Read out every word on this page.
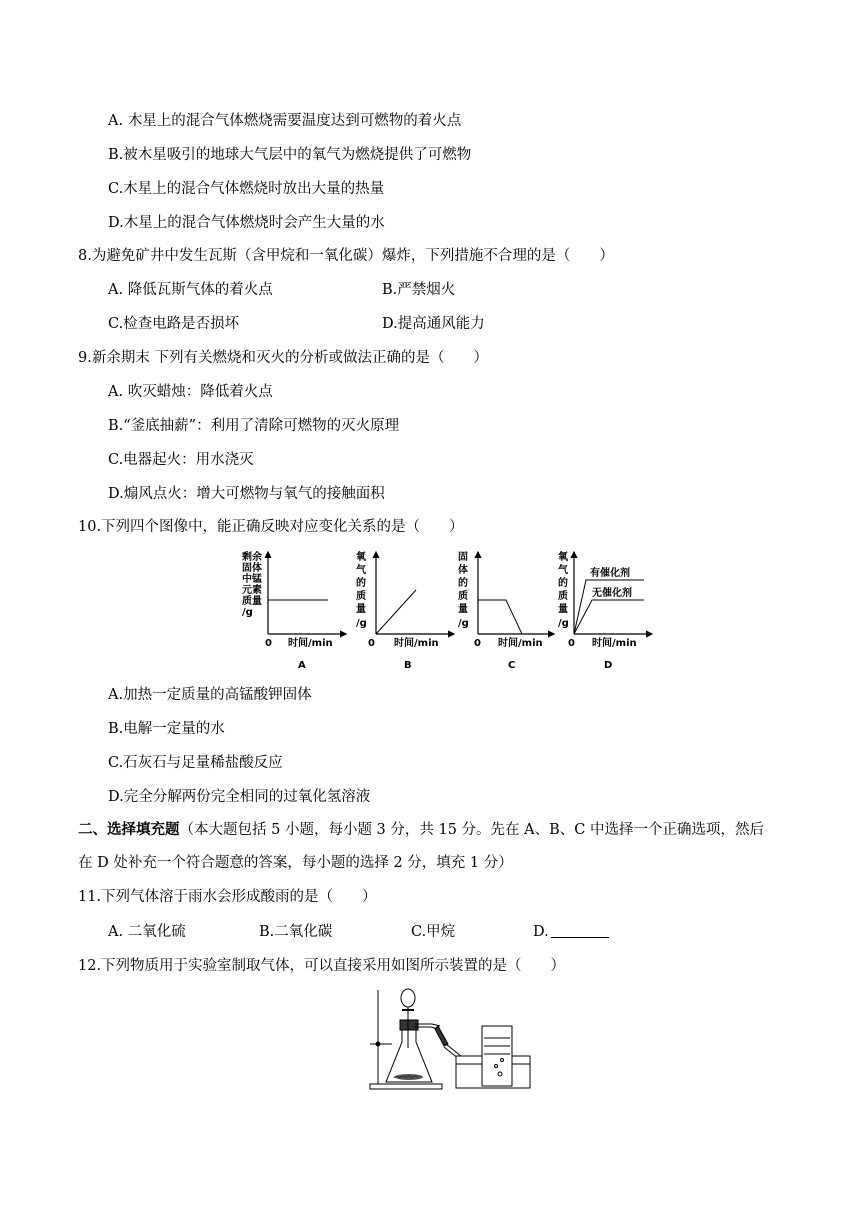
A. 木星上的混合气体燃烧需要温度达到可燃物的着火点
B.被木星吸引的地球大气层中的氧气为燃烧提供了可燃物
C.木星上的混合气体燃烧时放出大量的热量
D.木星上的混合气体燃烧时会产生大量的水
8.为避免矿井中发生瓦斯（含甲烷和一氧化碳）爆炸，下列措施不合理的是（　　）
A. 降低瓦斯气体的着火点	B.严禁烟火
C.检查电路是否损坏	D.提高通风能力
9.新余期末 下列有关燃烧和灭火的分析或做法正确的是（　　）
A. 吹灭蜡烛：降低着火点
B.“釜底抽薪”：利用了清除可燃物的灭火原理
C.电器起火：用水浇灭
D.煽风点火：增大可燃物与氧气的接触面积
10.下列四个图像中，能正确反映对应变化关系的是（　　）
剩余
固体
中锰
元素
质量
/g
0 时间/min
A
氧
气
的
质
量
/g
0 时间/min
B
固
体
的
质
量
/g
0 时间/min
C
氧
气
的
质
量
/g
有催化剂
无催化剂
0 时间/min
D
A.加热一定质量的高锰酸钾固体
B.电解一定量的水
C.石灰石与足量稀盐酸反应
D.完全分解两份完全相同的过氧化氢溶液
二、选择填充题（本大题包括 5 小题，每小题 3 分，共 15 分。先在 A、B、C 中选择一个正确选项，然后
在 D 处补充一个符合题意的答案，每小题的选择 2 分，填充 1 分）
11.下列气体溶于雨水会形成酸雨的是（　　）
A. 二氧化硫	B.二氧化碳	C.甲烷	D.
12.下列物质用于实验室制取气体，可以直接采用如图所示装置的是（　　）
